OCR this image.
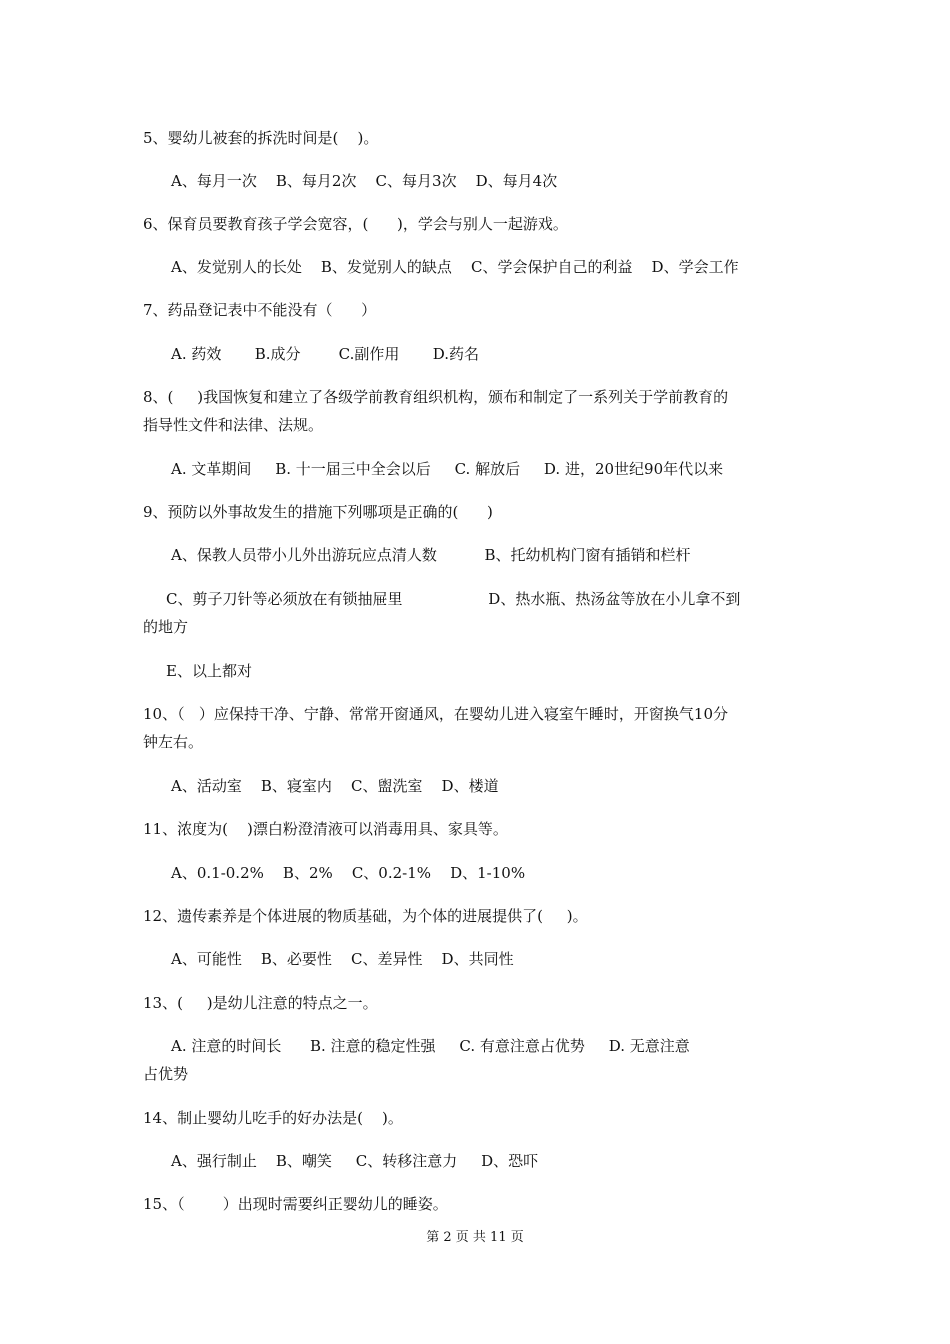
5、婴幼儿被套的拆洗时间是(    )。

A、每月一次    B、每月2次    C、每月3次    D、每月4次

6、保育员要教育孩子学会宽容，(      )，学会与别人一起游戏。

A、发觉别人的长处    B、发觉别人的缺点    C、学会保护自己的利益    D、学会工作

7、药品登记表中不能没有（      ）

A. 药效       B.成分        C.副作用       D.药名

8、(     )我国恢复和建立了各级学前教育组织机构，颁布和制定了一系列关于学前教育的

指导性文件和法律、法规。

A. 文革期间     B. 十一届三中全会以后     C. 解放后     D. 进，20世纪90年代以来

9、预防以外事故发生的措施下列哪项是正确的(      )

A、保教人员带小儿外出游玩应点清人数          B、托幼机构门窗有插销和栏杆

C、剪子刀针等必须放在有锁抽屉里                  D、热水瓶、热汤盆等放在小儿拿不到

的地方

E、以上都对

10、（   ）应保持干净、宁静、常常开窗通风，在婴幼儿进入寝室午睡时，开窗换气10分

钟左右。

A、活动室    B、寝室内    C、盥洗室    D、楼道

11、浓度为(    )漂白粉澄清液可以消毒用具、家具等。

A、0.1-0.2%    B、2%    C、0.2-1%    D、1-10%

12、遗传素养是个体进展的物质基础，为个体的进展提供了(     )。

A、可能性    B、必要性    C、差异性    D、共同性

13、(     )是幼儿注意的特点之一。

A. 注意的时间长      B. 注意的稳定性强     C. 有意注意占优势     D. 无意注意

占优势

14、制止婴幼儿吃手的好办法是(    )。

A、强行制止    B、嘲笑     C、转移注意力     D、恐吓

15、（        ）出现时需要纠正婴幼儿的睡姿。

第 2 页 共 11 页
